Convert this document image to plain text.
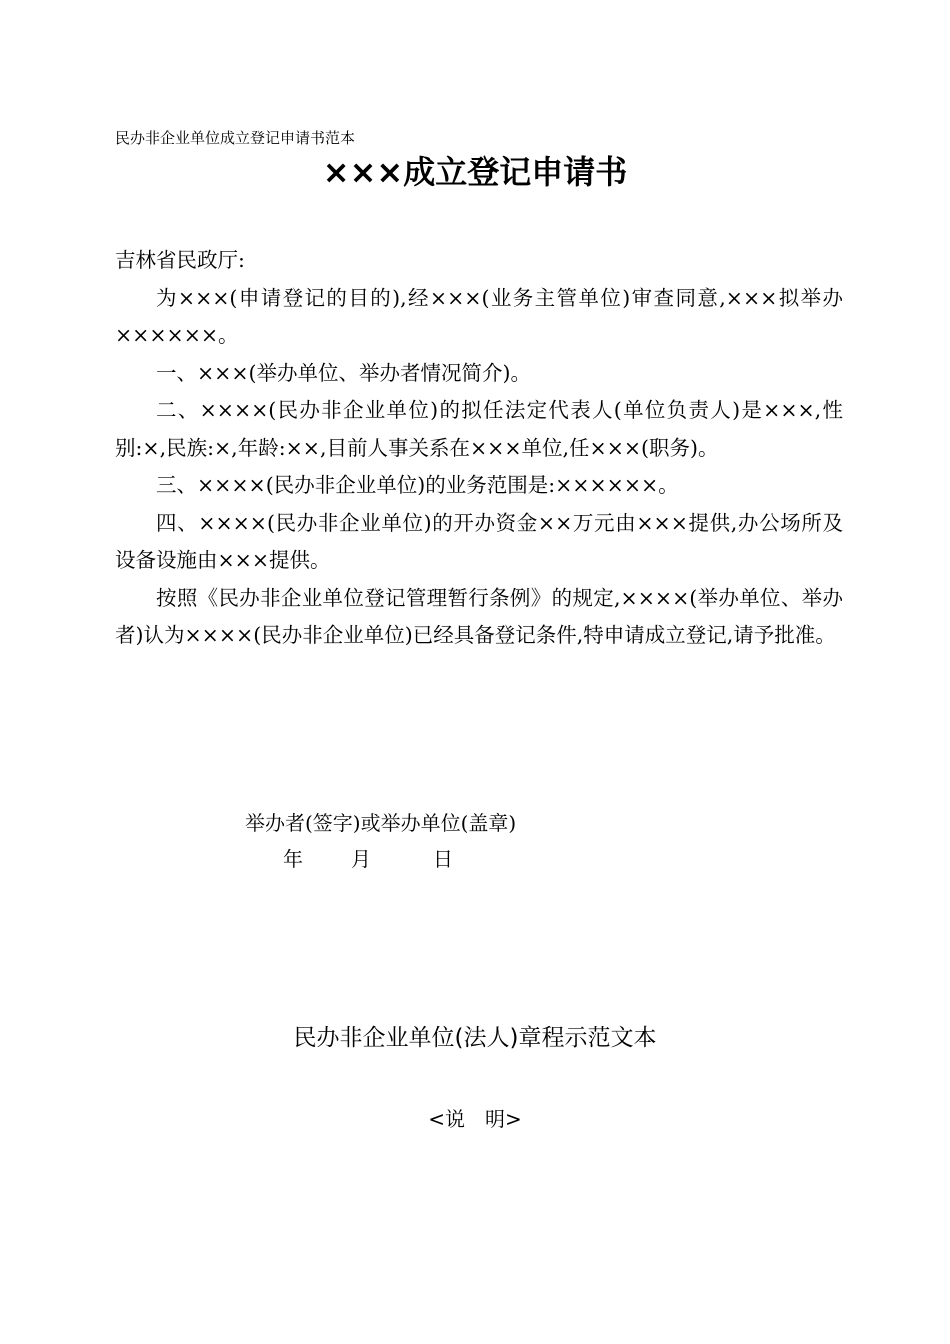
民办非企业单位成立登记申请书范本
×××成立登记申请书

吉林省民政厅:

为×××(申请登记的目的),经×××(业务主管单位)审查同意,×××拟举办××××××。

一、×××(举办单位、举办者情况简介)。

二、××××(民办非企业单位)的拟任法定代表人(单位负责人)是×××,性别:×,民族:×,年龄:××,目前人事关系在×××单位,任×××(职务)。

三、××××(民办非企业单位)的业务范围是:××××××。

四、××××(民办非企业单位)的开办资金××万元由×××提供,办公场所及设备设施由×××提供。

按照《民办非企业单位登记管理暂行条例》的规定,××××(举办单位、举办者)认为××××(民办非企业单位)已经具备登记条件,特申请成立登记,请予批准。

举办者(签字)或举办单位(盖章)
年 月	日
民办非企业单位(法人)章程示范文本
<说　明>
